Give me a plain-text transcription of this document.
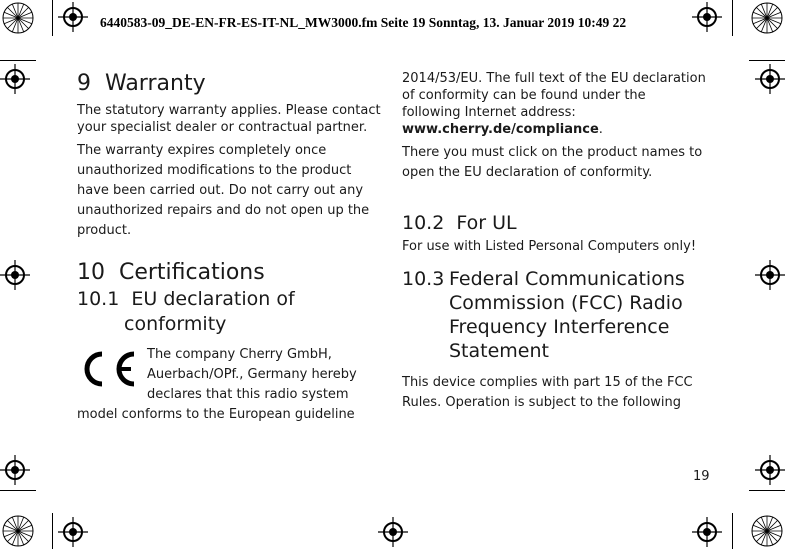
6440583-09_DE-EN-FR-ES-IT-NL_MW3000.fm Seite 19 Sonntag, 13. Januar 2019 10:49 22
9  Warranty

The statutory warranty applies. Please contact your specialist dealer or contractual partner.

The warranty expires completely once unauthorized modifications to the product have been carried out. Do not carry out any unauthorized repairs and do not open up the product.

10  Certifications
10.1  EU declaration of
conformity

The company Cherry GmbH, Auerbach/OPf., Germany hereby declares that this radio system

model conforms to the European guideline

2014/53/EU. The full text of the EU declaration of conformity can be found under the following Internet address:
www.cherry.de/compliance.

There you must click on the product names to open the EU declaration of conformity.

10.2  For UL

For use with Listed Personal Computers only!

10.3 Federal Communications
Commission (FCC) Radio
Frequency Interference
Statement

This device complies with part 15 of the FCC Rules. Operation is subject to the following

19
